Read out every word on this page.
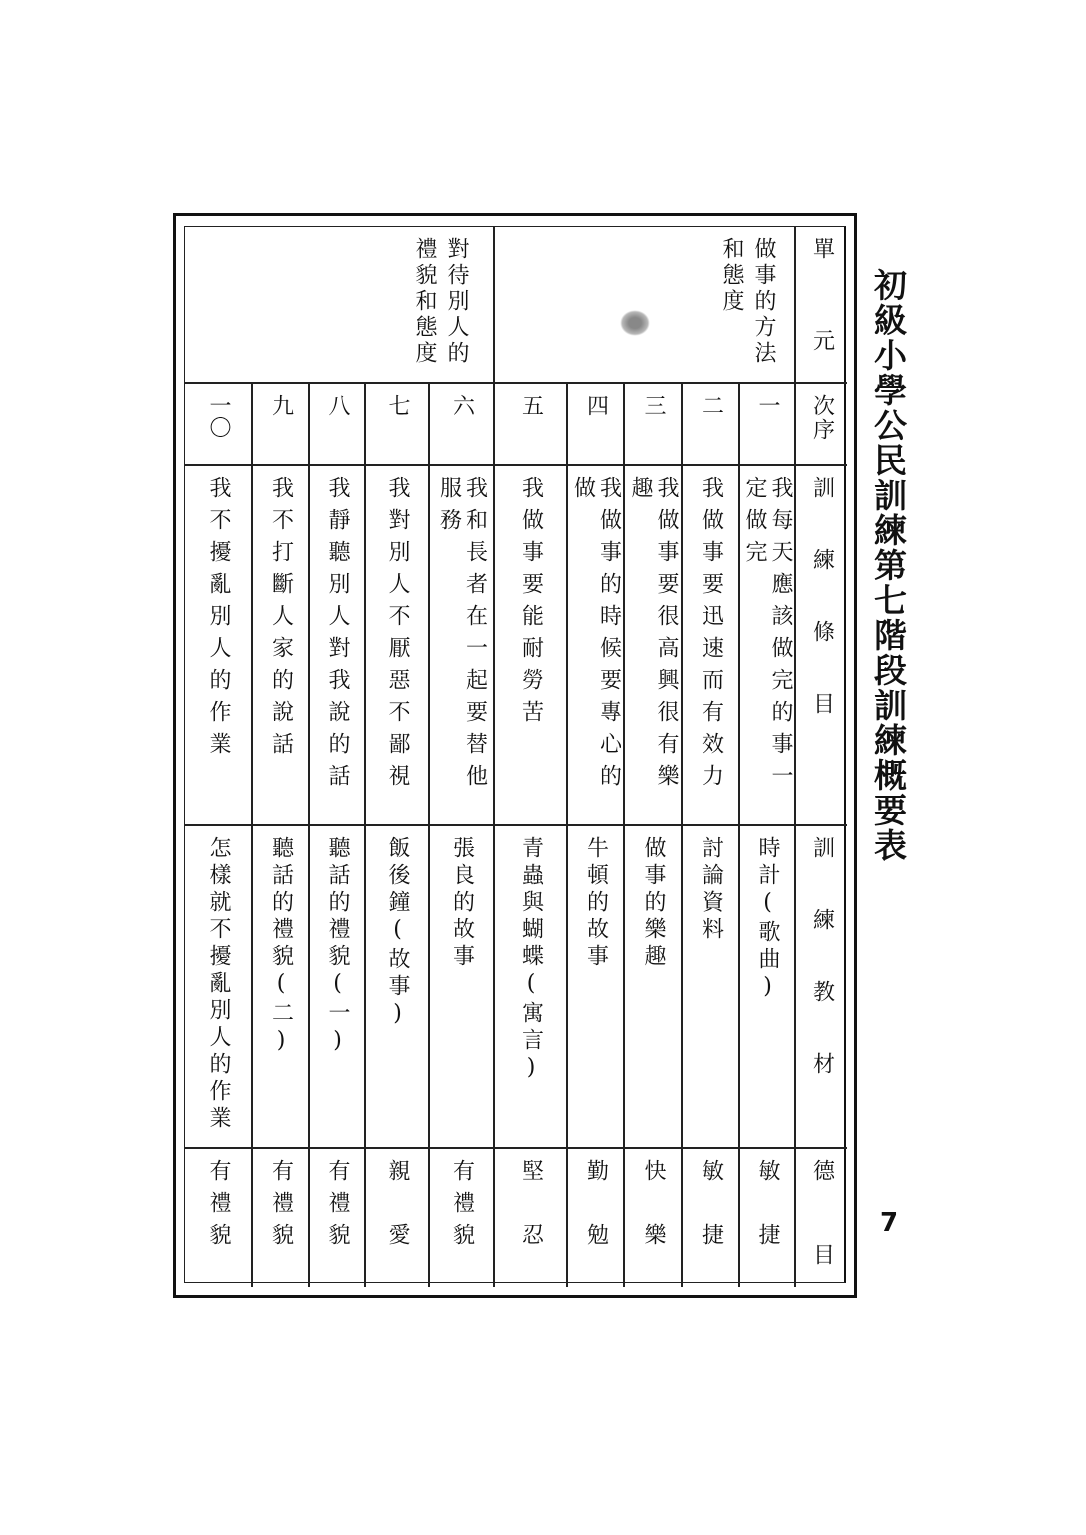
初級小學公民訓練第七階段訓練概要表
7
單　元
次序
訓　練　條　目
訓　練　教　材
德　目
做事的方法
和態度
對待別人的
禮貌和態度
一
我每天應該做完的事一定做完
時計(歌曲)
敏　捷
二
我做事要迅速而有效力
討論資料
敏　捷
三
我做事要很高興很有樂趣
做事的樂趣
快　樂
四
我做事的時候要專心的做
牛頓的故事
勤　勉
五
我做事要能耐勞苦
青蟲與蝴蝶(寓言)
堅　忍
六
我和長者在一起要替他服務
張良的故事
有禮貌
七
我對別人不厭惡不鄙視
飯後鐘(故事)
親　愛
八
我靜聽別人對我說的話
聽話的禮貌(一)
有禮貌
九
我不打斷人家的說話
聽話的禮貌(二)
有禮貌
一〇
我不擾亂別人的作業
怎樣就不擾亂別人的作業
有禮貌
